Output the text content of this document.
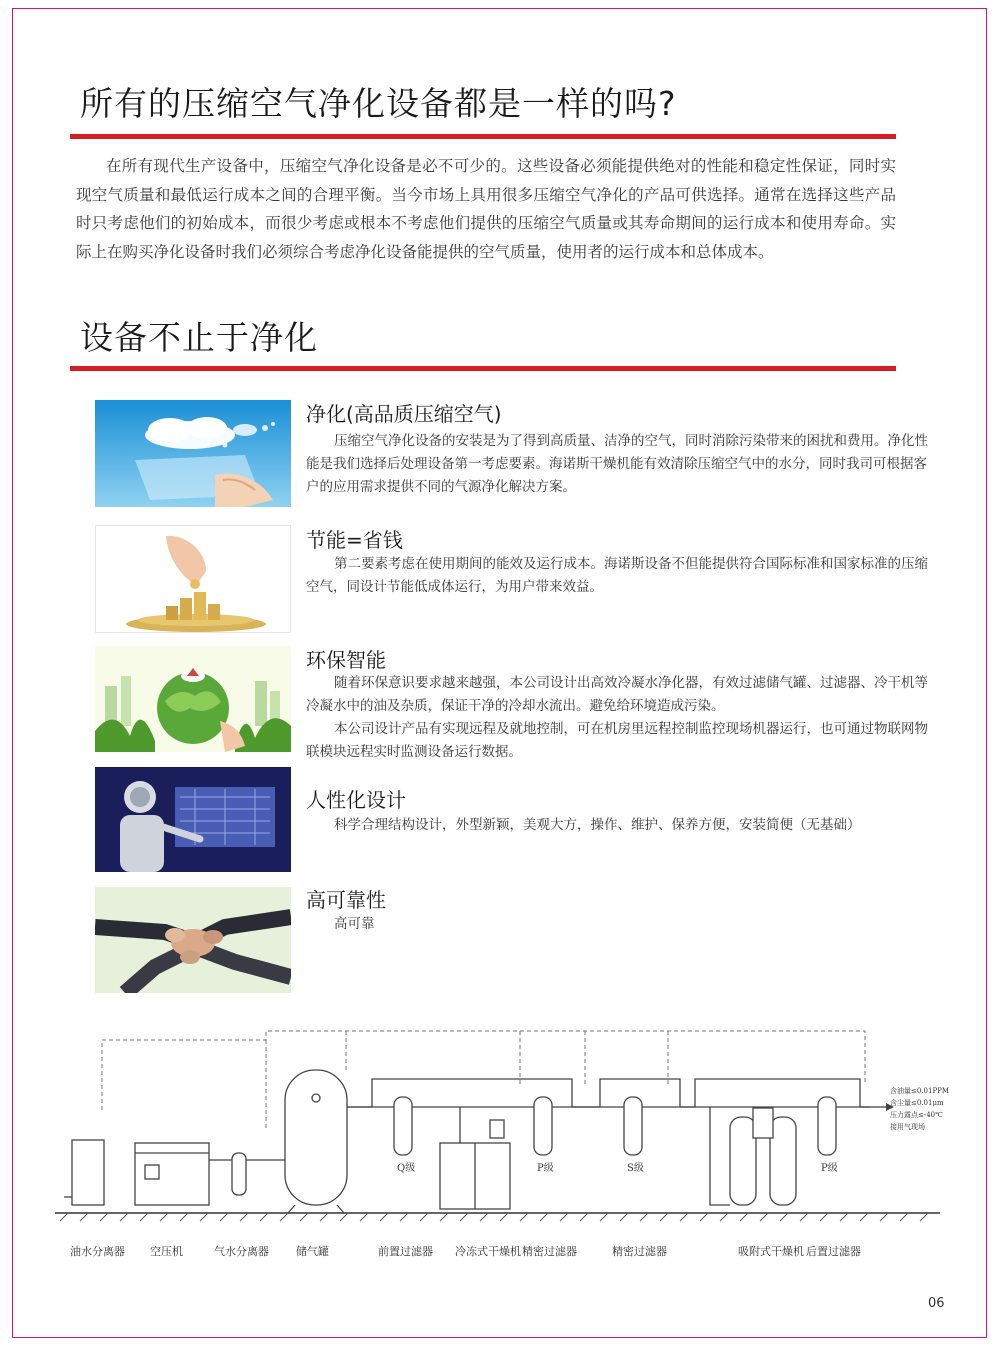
所有的压缩空气净化设备都是一样的吗?

在所有现代生产设备中，压缩空气净化设备是必不可少的。这些设备必须能提供绝对的性能和稳定性保证，同时实现空气质量和最低运行成本之间的合理平衡。当今市场上具用很多压缩空气净化的产品可供选择。通常在选择这些产品时只考虑他们的初始成本，而很少考虑或根本不考虑他们提供的压缩空气质量或其寿命期间的运行成本和使用寿命。实际上在购买净化设备时我们必须综合考虑净化设备能提供的空气质量，使用者的运行成本和总体成本。

设备不止于净化
净化(高品质压缩空气)

压缩空气净化设备的安装是为了得到高质量、洁净的空气，同时消除污染带来的困扰和费用。净化性能是我们选择后处理设备第一考虑要素。海诺斯干燥机能有效清除压缩空气中的水分，同时我司可根据客户的应用需求提供不同的气源净化解决方案。

节能=省钱

第二要素考虑在使用期间的能效及运行成本。海诺斯设备不但能提供符合国际标准和国家标准的压缩空气，同设计节能低成体运行，为用户带来效益。

环保智能

随着环保意识要求越来越强，本公司设计出高效冷凝水净化器，有效过滤储气罐、过滤器、冷干机等冷凝水中的油及杂质，保证干净的冷却水流出。避免给环境造成污染。

本公司设计产品有实现远程及就地控制，可在机房里远程控制监控现场机器运行，也可通过物联网物联模块远程实时监测设备运行数据。

人性化设计

科学合理结构设计，外型新颖，美观大方，操作、维护、保养方便，安装简便（无基础）

高可靠性

高可靠

Q级	P级	S级	P级
含油量≤0.01PPM
含尘量≤0.01μm
压力露点≤-40℃
接用气现场
油水分离器 空压机	气水分离器 储气罐	前置过滤器 冷冻式干燥机 精密过滤器	精密过滤器	吸附式干燥机 后置过滤器
06
